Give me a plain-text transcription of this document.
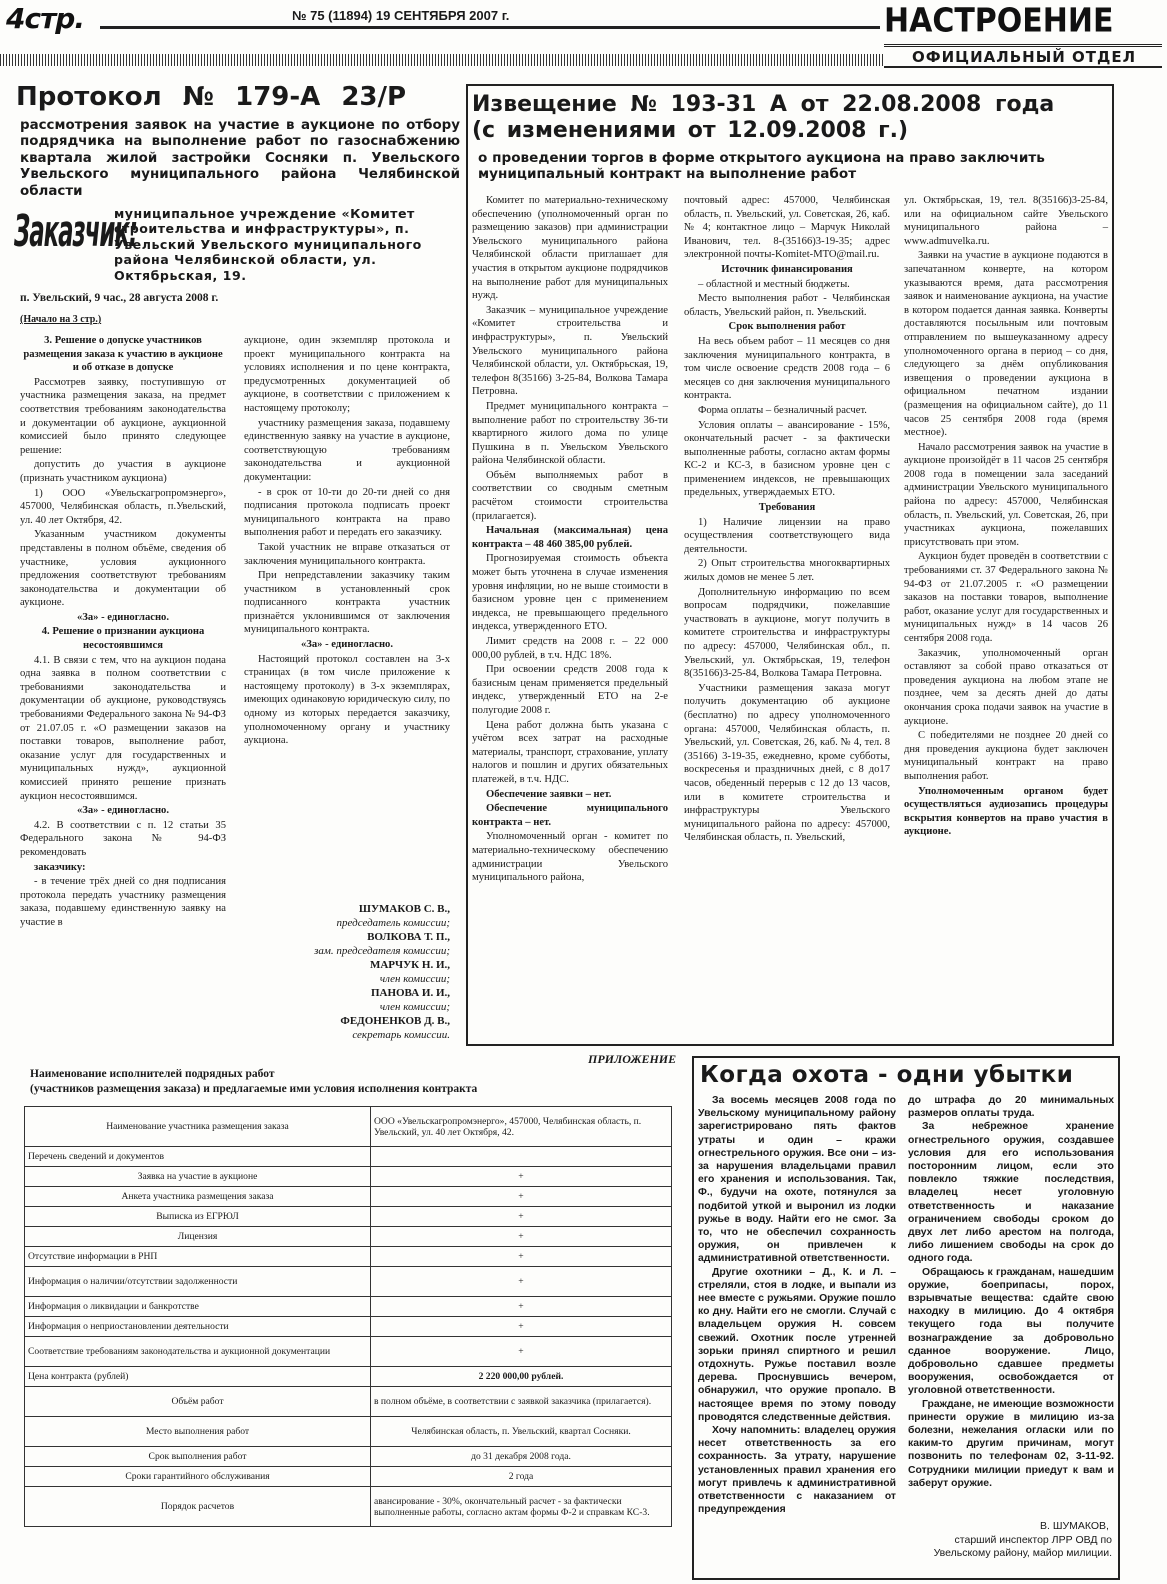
4стр.	№ 75 (11894) 19 СЕНТЯБРЯ 2007 г.	НАСТРОЕНИЕ
ОФИЦИАЛЬНЫЙ ОТДЕЛ
Протокол № 179-А 23/Р
рассмотрения заявок на участие в аукционе по отбору подрядчика на выполнение работ по газоснабжению квартала жилой застройки Сосняки п. Увельского Увельского муниципального района Челябинской области
Заказчик:
муниципальное учреждение «Комитет строительства и инфраструктуры», п. Увельский Увельского муниципального района Челябинской области, ул. Октябрьская, 19.
п. Увельский, 9 час., 28 августа 2008 г.
(Начало на 3 стр.)

3. Решение о допуске участников размещения заказа к участию в аукционе и об отказе в допуске

Рассмотрев заявку, поступившую от участника размещения заказа, на предмет соответствия требованиям законодательства и документации об аукционе, аукционной комиссией было принято следующее решение:

допустить до участия в аукционе (признать участником аукциона)

1) ООО «Увельскагропромэнерго», 457000, Челябинская область, п.Увельский, ул. 40 лет Октября, 42.

Указанным участником документы представлены в полном объёме, сведения об участнике, условия аукционного предложения соответствуют требованиям законодательства и документации об аукционе.

«За» - единогласно.

4. Решение о признании аукциона несостоявшимся

4.1. В связи с тем, что на аукцион подана одна заявка в полном соответствии с требованиями законодательства и документации об аукционе, руководствуясь требованиями Федерального закона № 94-ФЗ от 21.07.05 г. «О размещении заказов на поставки товаров, выполнение работ, оказание услуг для государственных и муниципальных нужд», аукционной комиссией принято решение признать аукцион несостоявшимся.

«За» - единогласно.

4.2. В соответствии с п. 12 статьи 35 Федерального закона № 94-ФЗ рекомендовать

заказчику:

- в течение трёх дней со дня подписания протокола передать участнику размещения заказа, подавшему единственную заявку на участие в

аукционе, один экземпляр протокола и проект муниципального контракта на условиях исполнения и по цене контракта, предусмотренных документацией об аукционе, в соответствии с приложением к настоящему протоколу;

участнику размещения заказа, подавшему единственную заявку на участие в аукционе, соответствующую требованиям законодательства и аукционной документации:

- в срок от 10-ти до 20-ти дней со дня подписания протокола подписать проект муниципального контракта на право выполнения работ и передать его заказчику.

Такой участник не вправе отказаться от заключения муниципального контракта.

При непредставлении заказчику таким участником в установленный срок подписанного контракта участник признаётся уклонившимся от заключения муниципального контракта.

«За» - единогласно.

Настоящий протокол составлен на 3-х страницах (в том числе приложение к настоящему протоколу) в 3-х экземплярах, имеющих одинаковую юридическую силу, по одному из которых передается заказчику, уполномоченному органу и участнику аукциона.

ШУМАКОВ С. В.,
председатель комиссии;
ВОЛКОВА Т. П.,
зам. председателя комиссии;
МАРЧУК Н. И.,
член комиссии;
ПАНОВА И. И.,
член комиссии;
ФЕДОНЕНКОВ Д. В.,
секретарь комиссии.
Извещение № 193-31 А от 22.08.2008 года
(с изменениями от 12.09.2008 г.)
о проведении торгов в форме открытого аукциона на право заключить муниципальный контракт на выполнение работ

Комитет по материально-техническому обеспечению (уполномоченный орган по размещению заказов) при администрации Увельского муниципального района Челябинской области приглашает для участия в открытом аукционе подрядчиков на выполнение работ для муниципальных нужд.

Заказчик – муниципальное учреждение «Комитет строительства и инфраструктуры», п. Увельский Увельского муниципального района Челябинской области, ул. Октябрьская, 19, телефон 8(35166) 3-25-84, Волкова Тамара Петровна.

Предмет муниципального контракта – выполнение работ по строительству 36-ти квартирного жилого дома по улице Пушкина в п. Увельском Увельского района Челябинской области.

Объём выполняемых работ в соответствии со сводным сметным расчётом стоимости строительства (прилагается).

Начальная (максимальная) цена контракта – 48 460 385,00 рублей.

Прогнозируемая стоимость объекта может быть уточнена в случае изменения уровня инфляции, но не выше стоимости в базисном уровне цен с применением индекса, не превышающего предельного индекса, утвержденного ЕТО.

Лимит средств на 2008 г. – 22 000 000,00 рублей, в т.ч. НДС 18%.

При освоении средств 2008 года к базисным ценам применяется предельный индекс, утвержденный ЕТО на 2-е полугодие 2008 г.

Цена работ должна быть указана с учётом всех затрат на расходные материалы, транспорт, страхование, уплату налогов и пошлин и других обязательных платежей, в т.ч. НДС.

Обеспечение заявки – нет.

Обеспечение муниципального контракта – нет.

Уполномоченный орган - комитет по материально-техническому обеспечению администрации Увельского муниципального района,

почтовый адрес: 457000, Челябинская область, п. Увельский, ул. Советская, 26, каб. № 4; контактное лицо – Марчук Николай Иванович, тел. 8-(35166)3-19-35; адрес электронной почты-Komitet-MTO@mail.ru.

Источник финансирования

– областной и местный бюджеты.

Место выполнения работ - Челябинская область, Увельский район, п. Увельский.

Срок выполнения работ

На весь объем работ – 11 месяцев со дня заключения муниципального контракта, в том числе освоение средств 2008 года – 6 месяцев со дня заключения муниципального контракта.

Форма оплаты – безналичный расчет.

Условия оплаты – авансирование - 15%, окончательный расчет - за фактически выполненные работы, согласно актам формы КС-2 и КС-3, в базисном уровне цен с применением индексов, не превышающих предельных, утверждаемых ЕТО.

Требования

1) Наличие лицензии на право осуществления соответствующего вида деятельности.

2) Опыт строительства многоквартирных жилых домов не менее 5 лет.

Дополнительную информацию по всем вопросам подрядчики, пожелавшие участвовать в аукционе, могут получить в комитете строительства и инфраструктуры по адресу: 457000, Челябинская обл., п. Увельский, ул. Октябрьская, 19, телефон 8(35166)3-25-84, Волкова Тамара Петровна.

Участники размещения заказа могут получить документацию об аукционе (бесплатно) по адресу уполномоченного органа: 457000, Челябинская область, п. Увельский, ул. Советская, 26, каб. № 4, тел. 8 (35166) 3-19-35, ежедневно, кроме субботы, воскресенья и праздничных дней, с 8 до17 часов, обеденный перерыв с 12 до 13 часов, или в комитете строительства и инфраструктуры Увельского муниципального района по адресу: 457000, Челябинская область, п. Увельский,

ул. Октябрьская, 19, тел. 8(35166)3-25-84, или на официальном сайте Увельского муниципального района – www.admuvelka.ru.

Заявки на участие в аукционе подаются в запечатанном конверте, на котором указываются время, дата рассмотрения заявок и наименование аукциона, на участие в котором подается данная заявка. Конверты доставляются посыльным или почтовым отправлением по вышеуказанному адресу уполномоченного органа в период – со дня, следующего за днём опубликования извещения о проведении аукциона в официальном печатном издании (размещения на официальном сайте), до 11 часов 25 сентября 2008 года (время местное).

Начало рассмотрения заявок на участие в аукционе произойдёт в 11 часов 25 сентября 2008 года в помещении зала заседаний администрации Увельского муниципального района по адресу: 457000, Челябинская область, п. Увельский, ул. Советская, 26, при участниках аукциона, пожелавших присутствовать при этом.

Аукцион будет проведён в соответствии с требованиями ст. 37 Федерального закона № 94-ФЗ от 21.07.2005 г. «О размещении заказов на поставки товаров, выполнение работ, оказание услуг для государственных и муниципальных нужд» в 14 часов 26 сентября 2008 года.

Заказчик, уполномоченный орган оставляют за собой право отказаться от проведения аукциона на любом этапе не позднее, чем за десять дней до даты окончания срока подачи заявок на участие в аукционе.

С победителями не позднее 20 дней со дня проведения аукциона будет заключен муниципальный контракт на право выполнения работ.

Уполномоченным органом будет осуществляться аудиозапись процедуры вскрытия конвертов на право участия в аукционе.

ПРИЛОЖЕНИЕ
Наименование исполнителей подрядных работ
(участников размещения заказа) и предлагаемые ими условия исполнения контракта
Наименование участника размещения заказа	ООО «Увельскагропромэнерго», 457000, Челябинская область, п. Увельский, ул. 40 лет Октября, 42.
Перечень сведений и документов	
Заявка на участие в аукционе	+
Анкета участника размещения заказа	+
Выписка из ЕГРЮЛ	+
Лицензия	+
Отсутствие информации в РНП	+
Информация о наличии/отсутствии задолженности	+
Информация о ликвидации и банкротстве	+
Информация о неприостановлении деятельности	+
Соответствие требованиям законодательства и аукционной документации	+
Цена контракта (рублей)	2 220 000,00 рублей.
Объём работ	в полном объёме, в соответствии с заявкой заказчика (прилагается).
Место выполнения работ	Челябинская область, п. Увельский, квартал Сосняки.
Срок выполнения работ	до 31 декабря 2008 года.
Сроки гарантийного обслуживания	2 года
Порядок расчетов	авансирование - 30%, окончательный расчет - за фактически выполненные работы, согласно актам формы Ф-2 и справкам КС-3.
Когда охота - одни убытки

За восемь месяцев 2008 года по Увельскому муниципальному району зарегистрировано пять фактов утраты и один – кражи огнестрельного оружия. Все они – из-за нарушения владельцами правил его хранения и использования. Так, Ф., будучи на охоте, потянулся за подбитой уткой и выронил из лодки ружье в воду. Найти его не смог. За то, что не обеспечил сохранность оружия, он привлечен к административной ответственности.

Другие охотники – Д., К. и Л. – стреляли, стоя в лодке, и выпали из нее вместе с ружьями. Оружие пошло ко дну. Найти его не смогли. Случай с владельцем оружия Н. совсем свежий. Охотник после утренней зорьки принял спиртного и решил отдохнуть. Ружье поставил возле дерева. Проснувшись вечером, обнаружил, что оружие пропало. В настоящее время по этому поводу проводятся следственные действия.

Хочу напомнить: владелец оружия несет ответственность за его сохранность. За утрату, нарушение установленных правил хранения его могут привлечь к административной ответственности с наказанием от предупреждения

до штрафа до 20 минимальных размеров оплаты труда.

За небрежное хранение огнестрельного оружия, создавшее условия для его использования посторонним лицом, если это повлекло тяжкие последствия, владелец несет уголовную ответственность и наказание ограничением свободы сроком до двух лет либо арестом на полгода, либо лишением свободы на срок до одного года.

Обращаюсь к гражданам, нашедшим оружие, боеприпасы, порох, взрывчатые вещества: сдайте свою находку в милицию. До 4 октября текущего года вы получите вознаграждение за добровольно сданное вооружение. Лицо, добровольно сдавшее предметы вооружения, освобождается от уголовной ответственности.

Граждане, не имеющие возможности принести оружие в милицию из-за болезни, нежелания огласки или по каким-то другим причинам, могут позвонить по телефонам 02, 3-11-92. Сотрудники милиции приедут к вам и заберут оружие.

В. ШУМАКОВ,
старший инспектор ЛРР ОВД по Увельскому району, майор милиции.
